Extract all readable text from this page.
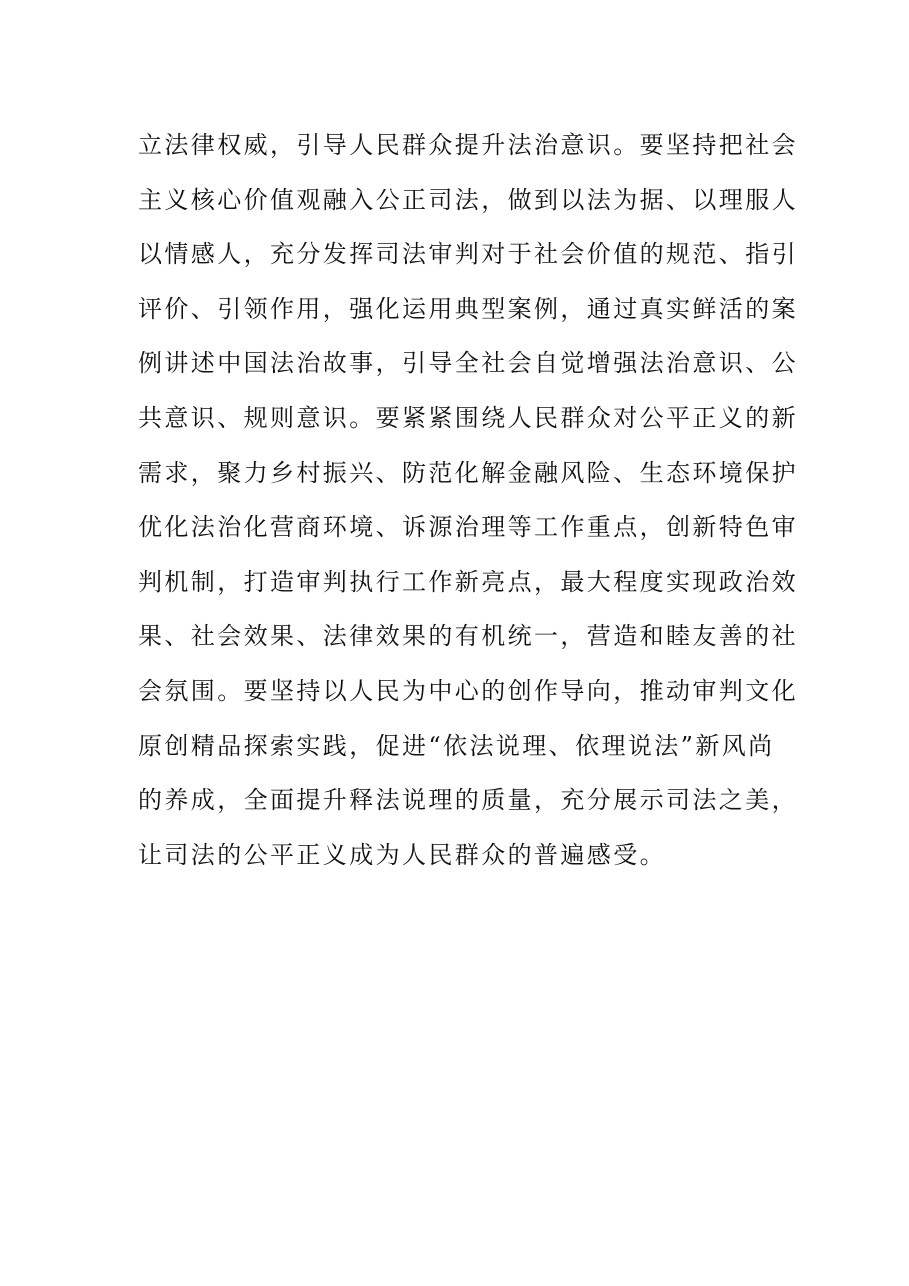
立法律权威，引导人民群众提升法治意识。要坚持把社会
主义核心价值观融入公正司法，做到以法为据、以理服人
以情感人，充分发挥司法审判对于社会价值的规范、指引
评价、引领作用，强化运用典型案例，通过真实鲜活的案
例讲述中国法治故事，引导全社会自觉增强法治意识、公
共意识、规则意识。要紧紧围绕人民群众对公平正义的新
需求，聚力乡村振兴、防范化解金融风险、生态环境保护
优化法治化营商环境、诉源治理等工作重点，创新特色审
判机制，打造审判执行工作新亮点，最大程度实现政治效
果、社会效果、法律效果的有机统一，营造和睦友善的社
会氛围。要坚持以人民为中心的创作导向，推动审判文化
原创精品探索实践，促进“依法说理、依理说法”新风尚
的养成，全面提升释法说理的质量，充分展示司法之美，
让司法的公平正义成为人民群众的普遍感受。
